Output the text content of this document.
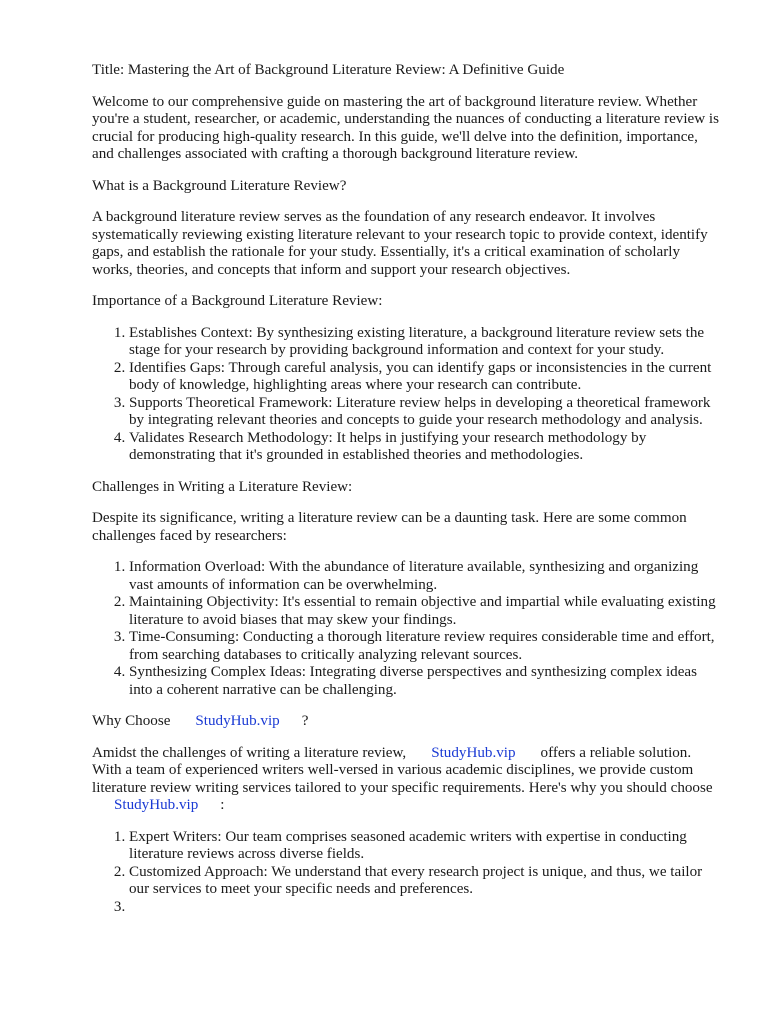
Title: Mastering the Art of Background Literature Review: A Definitive Guide

Welcome to our comprehensive guide on mastering the art of background literature review. Whether you're a student, researcher, or academic, understanding the nuances of conducting a literature review is crucial for producing high-quality research. In this guide, we'll delve into the definition, importance, and challenges associated with crafting a thorough background literature review.

What is a Background Literature Review?

A background literature review serves as the foundation of any research endeavor. It involves systematically reviewing existing literature relevant to your research topic to provide context, identify gaps, and establish the rationale for your study. Essentially, it's a critical examination of scholarly works, theories, and concepts that inform and support your research objectives.

Importance of a Background Literature Review:

1. Establishes Context: By synthesizing existing literature, a background literature review sets the stage for your research by providing background information and context for your study.
2. Identifies Gaps: Through careful analysis, you can identify gaps or inconsistencies in the current body of knowledge, highlighting areas where your research can contribute.
3. Supports Theoretical Framework: Literature review helps in developing a theoretical framework by integrating relevant theories and concepts to guide your research methodology and analysis.
4. Validates Research Methodology: It helps in justifying your research methodology by demonstrating that it's grounded in established theories and methodologies.

Challenges in Writing a Literature Review:

Despite its significance, writing a literature review can be a daunting task. Here are some common challenges faced by researchers:

1. Information Overload: With the abundance of literature available, synthesizing and organizing vast amounts of information can be overwhelming.
2. Maintaining Objectivity: It's essential to remain objective and impartial while evaluating existing literature to avoid biases that may skew your findings.
3. Time-Consuming: Conducting a thorough literature review requires considerable time and effort, from searching databases to critically analyzing relevant sources.
4. Synthesizing Complex Ideas: Integrating diverse perspectives and synthesizing complex ideas into a coherent narrative can be challenging.

Why Choose StudyHub.vip ?

Amidst the challenges of writing a literature review, StudyHub.vip offers a reliable solution. With a team of experienced writers well-versed in various academic disciplines, we provide custom literature review writing services tailored to your specific requirements. Here's why you should chooseStudyHub.vip :

1. Expert Writers: Our team comprises seasoned academic writers with expertise in conducting literature reviews across diverse fields.
2. Customized Approach: We understand that every research project is unique, and thus, we tailor our services to meet your specific needs and preferences.
3.
